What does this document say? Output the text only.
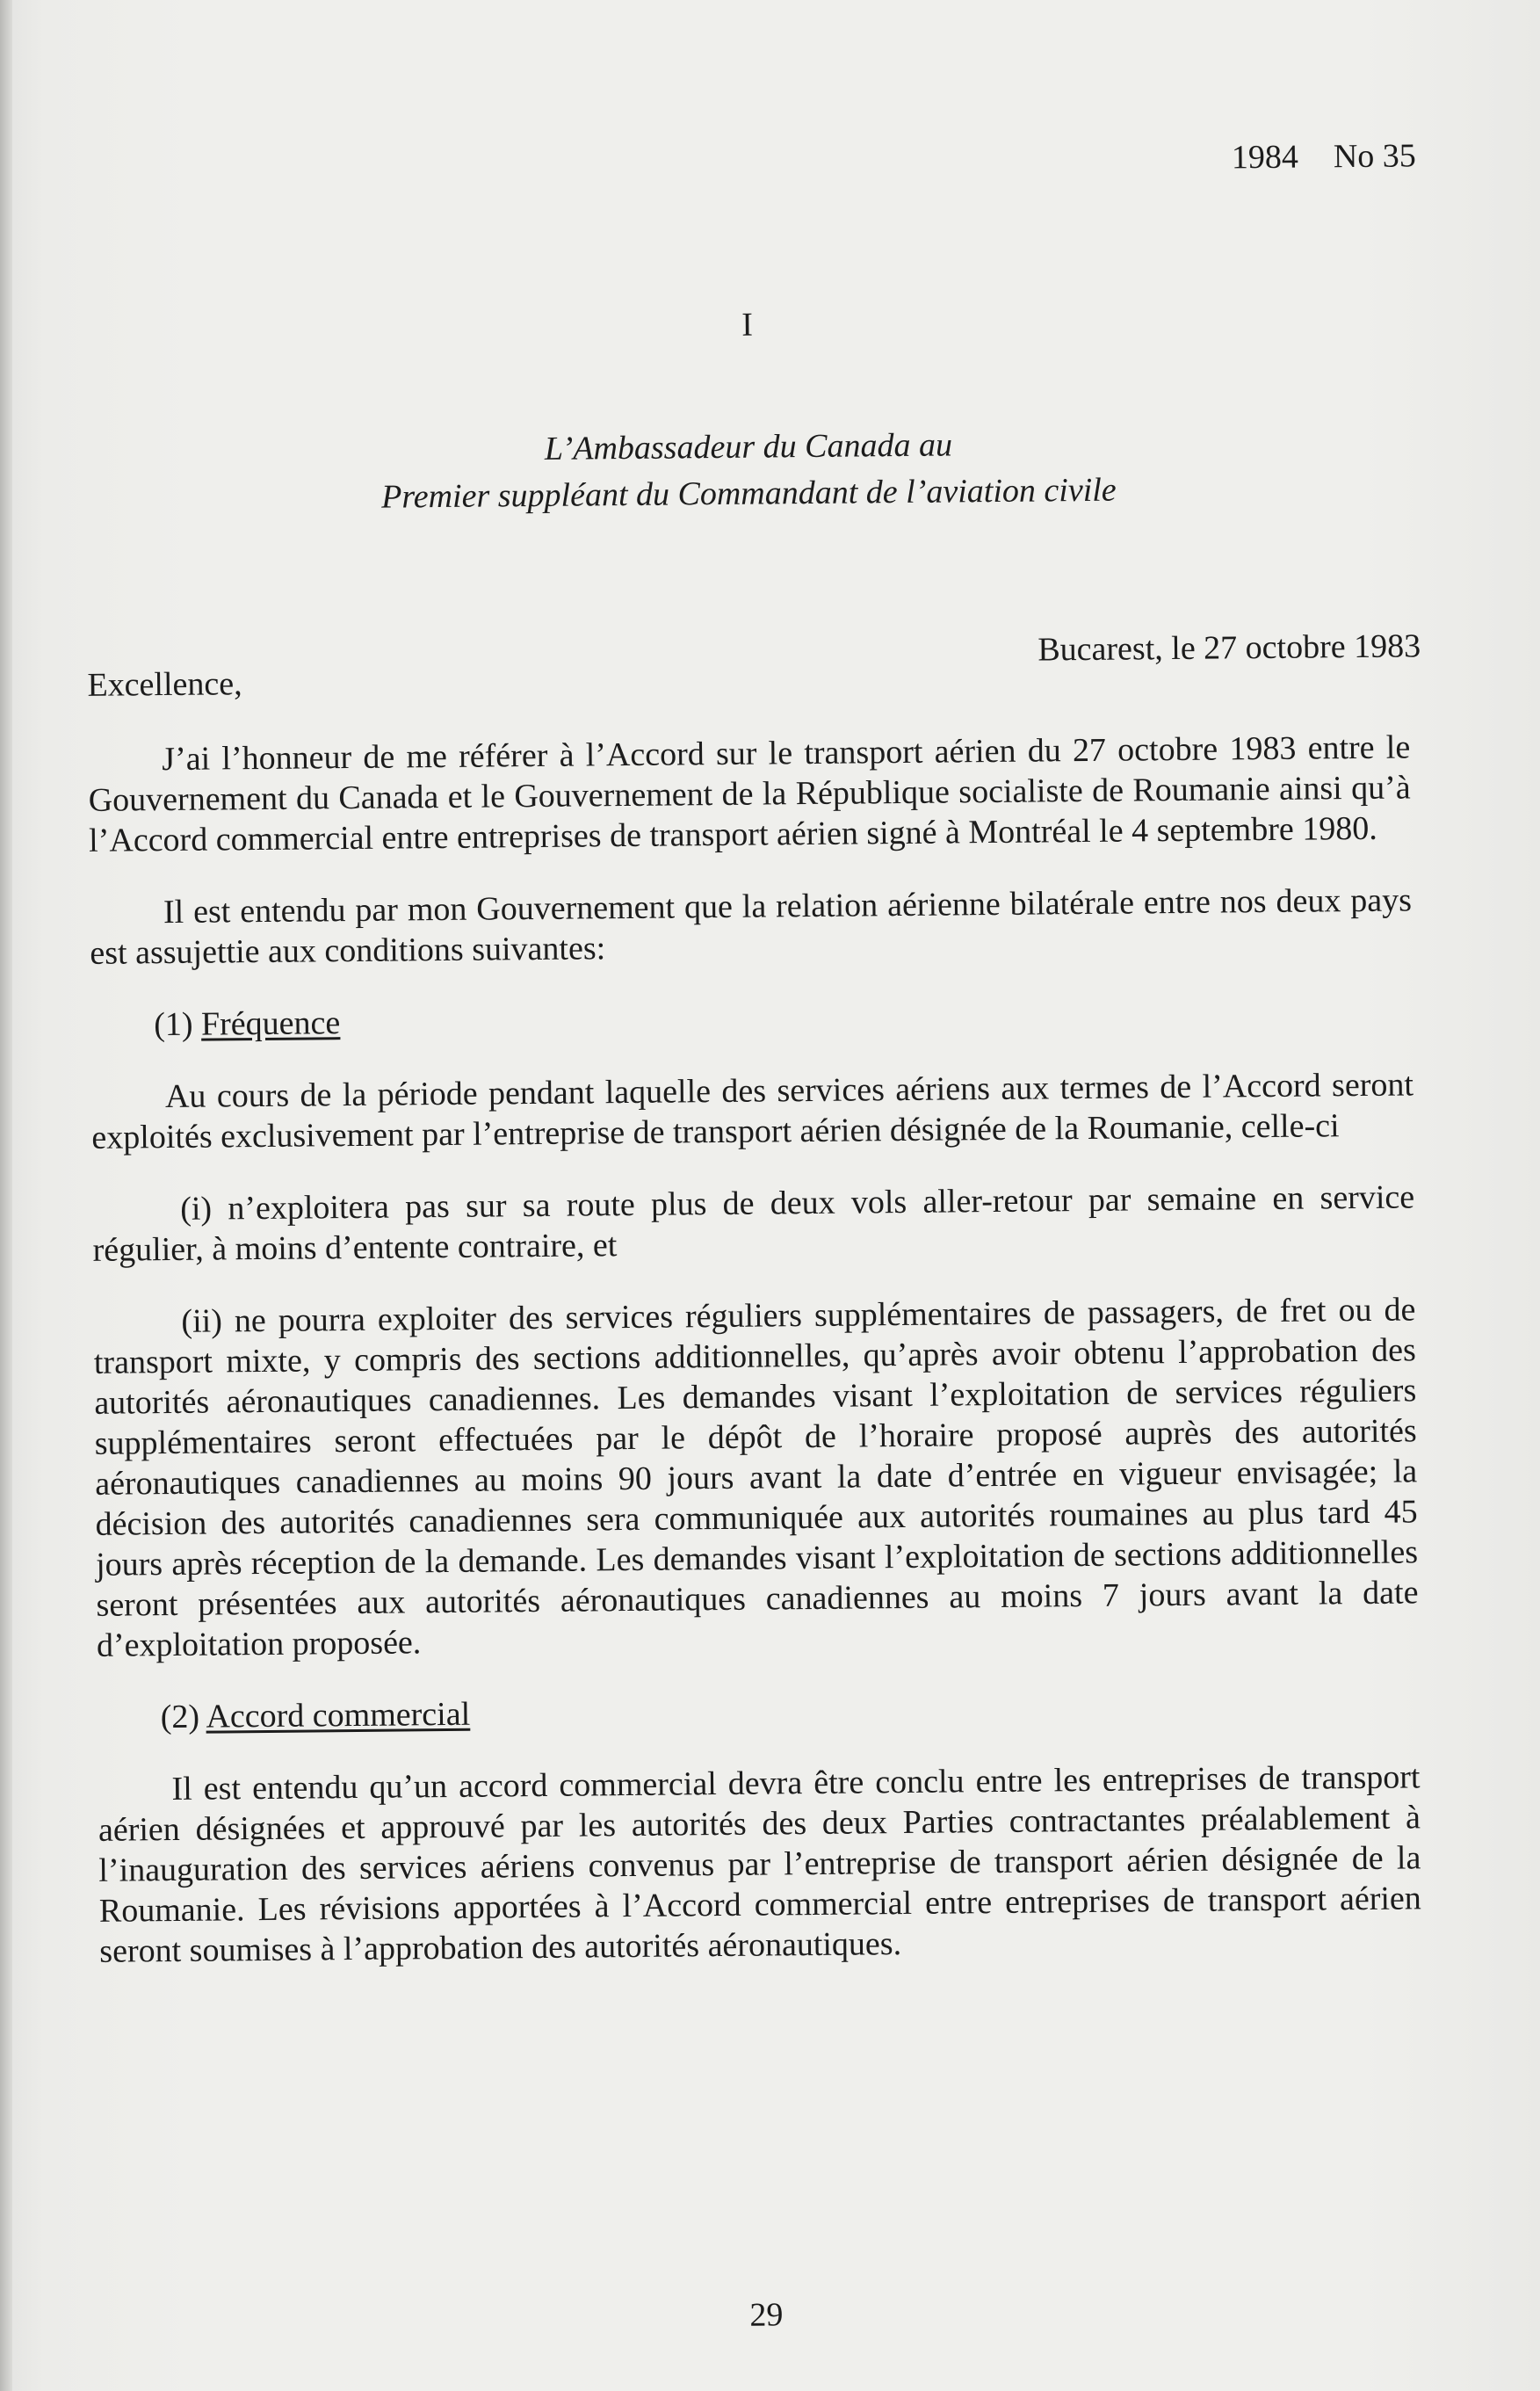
1984 No 35
I
L’Ambassadeur du Canada au
Premier suppléant du Commandant de l’aviation civile
Bucarest, le 27 octobre 1983
Excellence,

J’ai l’honneur de me référer à l’Accord sur le transport aérien du 27 octobre 1983 entre le Gouvernement du Canada et le Gouvernement de la République socialiste de Roumanie ainsi qu’à l’Accord commercial entre entreprises de transport aérien signé à Montréal le 4 septembre 1980.

Il est entendu par mon Gouvernement que la relation aérienne bilatérale entre nos deux pays est assujettie aux conditions suivantes:

(1) Fréquence

Au cours de la période pendant laquelle des services aériens aux termes de l’Accord seront exploités exclusivement par l’entreprise de transport aérien désignée de la Roumanie, celle-ci

(i) n’exploitera pas sur sa route plus de deux vols aller-retour par semaine en service régulier, à moins d’entente contraire, et

(ii) ne pourra exploiter des services réguliers supplémentaires de passagers, de fret ou de transport mixte, y compris des sections additionnelles, qu’après avoir obtenu l’approbation des autorités aéronautiques canadiennes. Les demandes visant l’exploitation de services réguliers supplémentaires seront effectuées par le dépôt de l’horaire proposé auprès des autorités aéronautiques canadiennes au moins 90 jours avant la date d’entrée en vigueur envisagée; la décision des autorités canadiennes sera communiquée aux autorités roumaines au plus tard 45 jours après réception de la demande. Les demandes visant l’exploitation de sections additionnelles seront présentées aux autorités aéronautiques canadiennes au moins 7 jours avant la date d’exploitation proposée.

(2) Accord commercial

Il est entendu qu’un accord commercial devra être conclu entre les entreprises de transport aérien désignées et approuvé par les autorités des deux Parties contractantes préalablement à l’inauguration des services aériens convenus par l’entreprise de transport aérien désignée de la Roumanie. Les révisions apportées à l’Accord commercial entre entreprises de transport aérien seront soumises à l’approbation des autorités aéronautiques.

29
